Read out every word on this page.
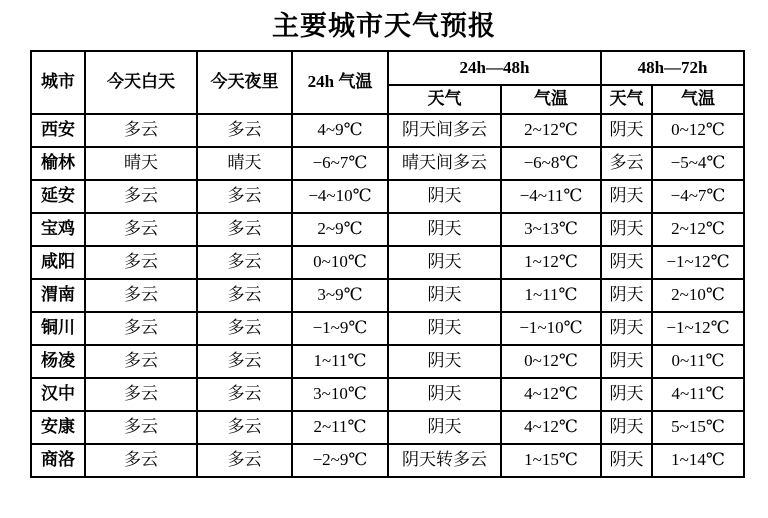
主要城市天气预报
城市	今天白天	今天夜里	24h 气温	24h—48h		48h—72h	
				天气	气温	天气	气温
西安	多云	多云	4~9℃	阴天间多云	2~12℃	阴天	0~12℃
榆林	晴天	晴天	−6~7℃	晴天间多云	−6~8℃	多云	−5~4℃
延安	多云	多云	−4~10℃	阴天	−4~11℃	阴天	−4~7℃
宝鸡	多云	多云	2~9℃	阴天	3~13℃	阴天	2~12℃
咸阳	多云	多云	0~10℃	阴天	1~12℃	阴天	−1~12℃
渭南	多云	多云	3~9℃	阴天	1~11℃	阴天	2~10℃
铜川	多云	多云	−1~9℃	阴天	−1~10℃	阴天	−1~12℃
杨凌	多云	多云	1~11℃	阴天	0~12℃	阴天	0~11℃
汉中	多云	多云	3~10℃	阴天	4~12℃	阴天	4~11℃
安康	多云	多云	2~11℃	阴天	4~12℃	阴天	5~15℃
商洛	多云	多云	−2~9℃	阴天转多云	1~15℃	阴天	1~14℃
